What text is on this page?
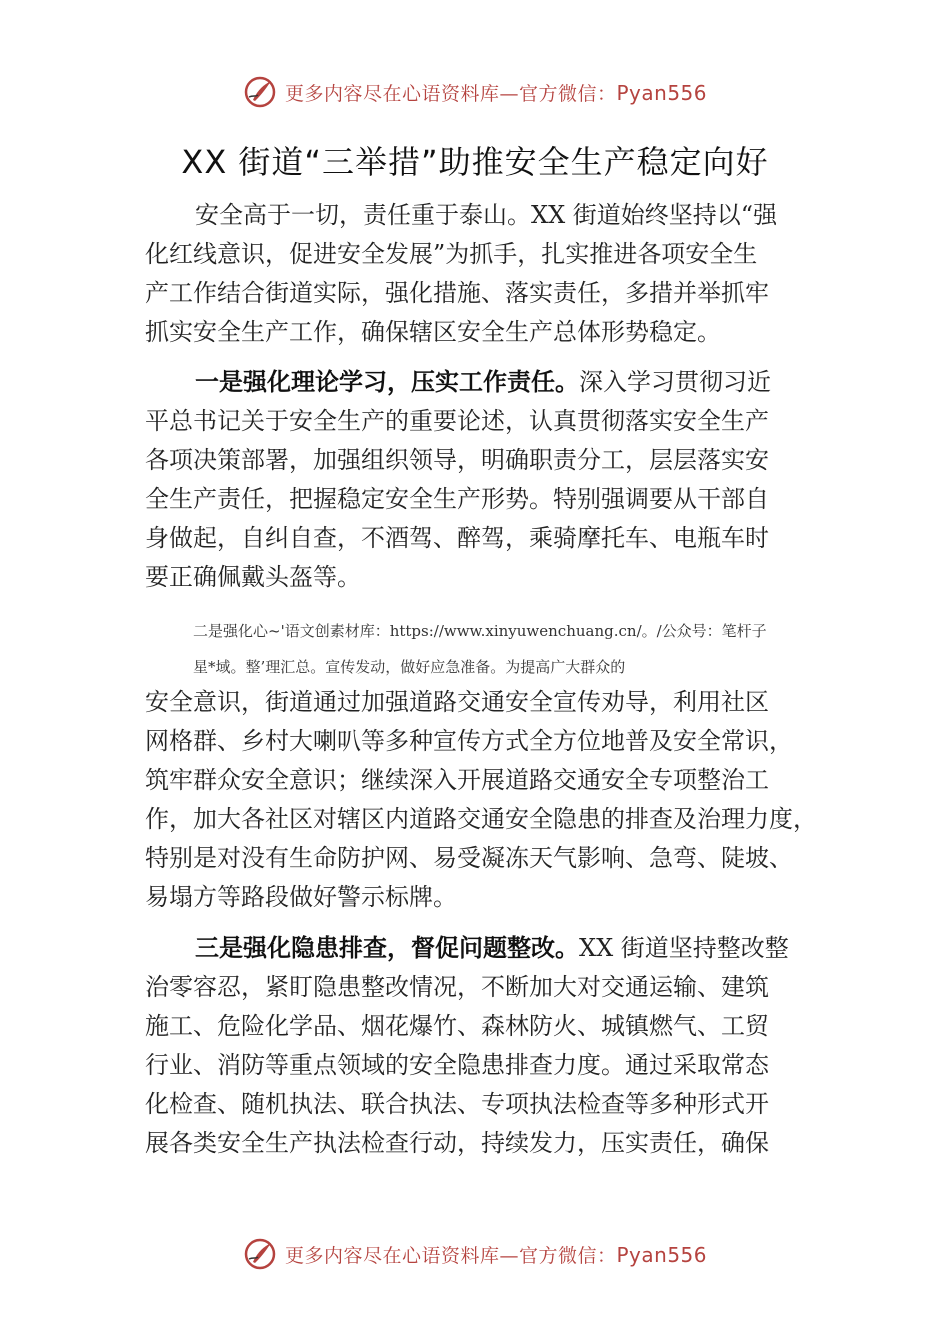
更多内容尽在心语资料库—官方微信：Pyan556
XX 街道“三举措”助推安全生产稳定向好
安全高于一切，责任重于泰山。XX 街道始终坚持以“强
化红线意识，促进安全发展”为抓手，扎实推进各项安全生
产工作结合街道实际，强化措施、落实责任，多措并举抓牢
抓实安全生产工作，确保辖区安全生产总体形势稳定。
一是强化理论学习，压实工作责任。深入学习贯彻习近
平总书记关于安全生产的重要论述，认真贯彻落实安全生产
各项决策部署，加强组织领导，明确职责分工，层层落实安
全生产责任，把握稳定安全生产形势。特别强调要从干部自
身做起，自纠自查，不酒驾、醉驾，乘骑摩托车、电瓶车时
要正确佩戴头盔等。
二是强化心~'语文创素材库：https://www.xinyuwenchuang.cn/。/公众号：笔杆子
星*域。整’理汇总。宣传发动，做好应急准备。为提高广大群众的
安全意识，街道通过加强道路交通安全宣传劝导，利用社区
网格群、乡村大喇叭等多种宣传方式全方位地普及安全常识，
筑牢群众安全意识；继续深入开展道路交通安全专项整治工
作，加大各社区对辖区内道路交通安全隐患的排查及治理力度，
特别是对没有生命防护网、易受凝冻天气影响、急弯、陡坡、
易塌方等路段做好警示标牌。
三是强化隐患排查，督促问题整改。XX 街道坚持整改整
治零容忍，紧盯隐患整改情况，不断加大对交通运输、建筑
施工、危险化学品、烟花爆竹、森林防火、城镇燃气、工贸
行业、消防等重点领域的安全隐患排查力度。通过采取常态
化检查、随机执法、联合执法、专项执法检查等多种形式开
展各类安全生产执法检查行动，持续发力，压实责任，确保
更多内容尽在心语资料库—官方微信：Pyan556
